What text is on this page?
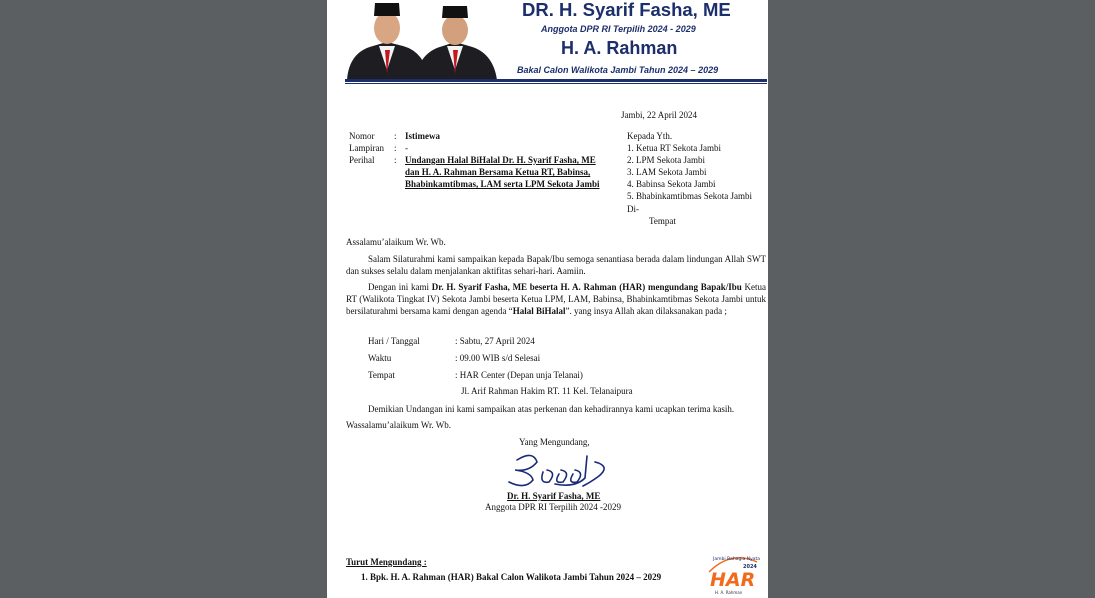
DR. H. Syarif Fasha, ME
Anggota DPR RI Terpilih 2024 - 2029
H. A. Rahman
Bakal Calon Walikota Jambi Tahun 2024 – 2029
Jambi, 22 April 2024
Nomor : Istimewa
Lampiran : -
Perihal : Undangan Halal BiHalal Dr. H. Syarif Fasha, ME
dan H. A. Rahman Bersama Ketua RT, Babinsa,
Bhabinkamtibmas, LAM serta LPM Sekota Jambi
Kepada Yth.
1. Ketua RT Sekota Jambi
2. LPM Sekota Jambi
3. LAM Sekota Jambi
4. Babinsa Sekota Jambi
5. Bhabinkamtibmas Sekota Jambi
Di-
Tempat
Assalamu’alaikum Wr. Wb.
Salam Silaturahmi kami sampaikan kepada Bapak/Ibu semoga senantiasa berada dalam lindungan Allah SWT dan sukses selalu dalam menjalankan aktifitas sehari-hari. Aamiin.
Dengan ini kami Dr. H. Syarif Fasha, ME beserta H. A. Rahman (HAR) mengundang Bapak/Ibu Ketua RT (Walikota Tingkat IV) Sekota Jambi beserta Ketua LPM, LAM, Babinsa, Bhabinkamtibmas Sekota Jambi untuk bersilaturahmi bersama kami dengan agenda “Halal BiHalal”. yang insya Allah akan dilaksanakan pada ;
Hari / Tanggal	: Sabtu, 27 April 2024
Waktu	: 09.00 WIB s/d Selesai
Tempat	: HAR Center (Depan unja Telanai)
Jl. Arif Rahman Hakim RT. 11 Kel. Telanaipura
Demikian Undangan ini kami sampaikan atas perkenan dan kehadirannya kami ucapkan terima kasih.
Wassalamu’alaikum Wr. Wb.
Yang Mengundang,
Dr. H. Syarif Fasha, ME
Anggota DPR RI Terpilih 2024 -2029
Turut Mengundang :
1. Bpk. H. A. Rahman (HAR) Bakal Calon Walikota Jambi Tahun 2024 – 2029
Jambi Bahagia Nyata
2024
HAR
H. A. Rahman
